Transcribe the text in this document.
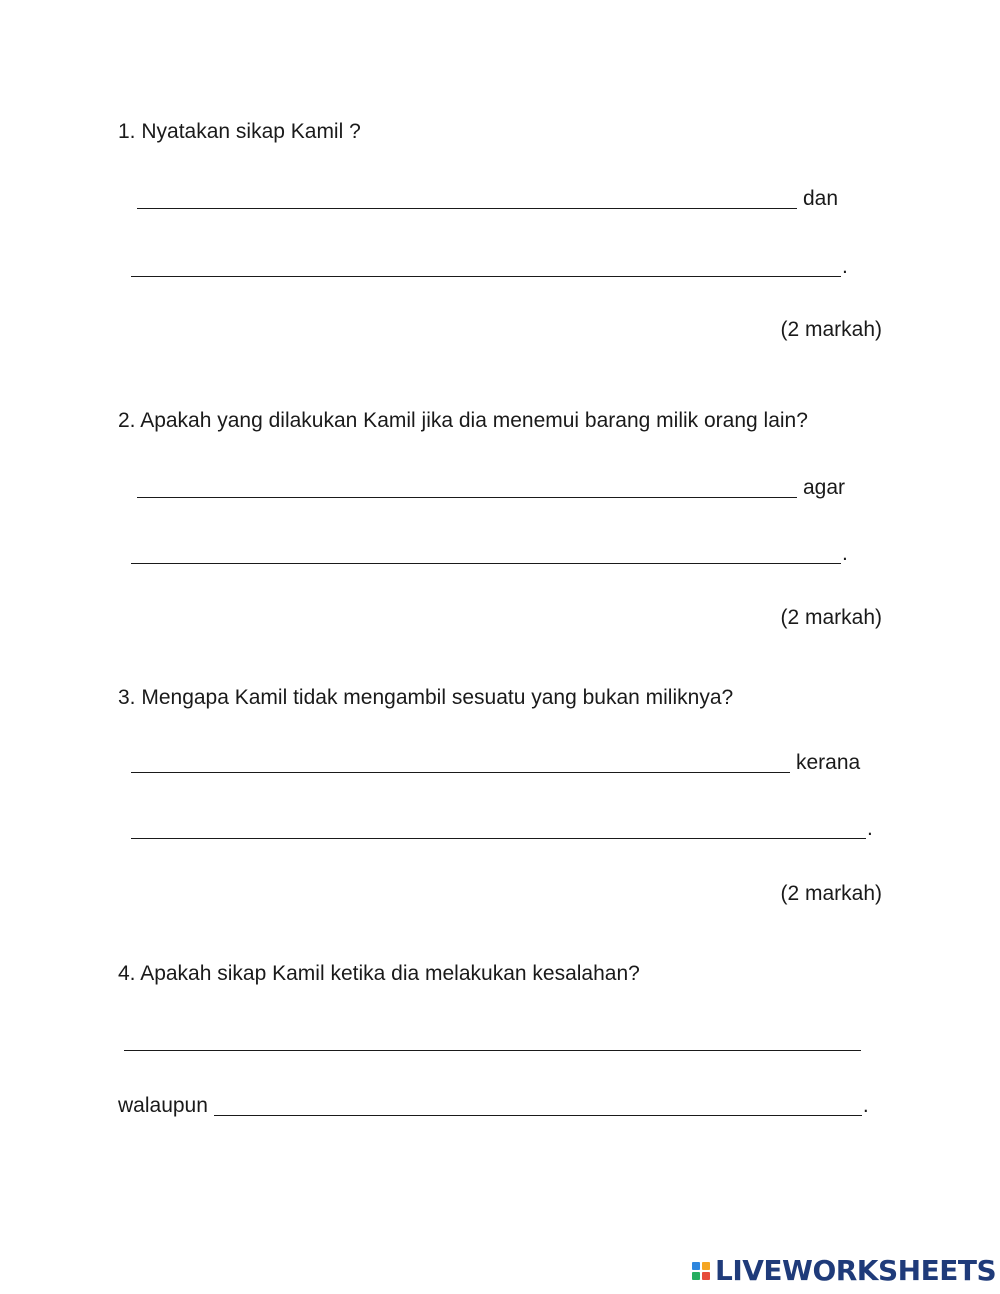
1. Nyatakan sikap Kamil ?
dan
.
(2 markah)
2. Apakah yang dilakukan Kamil jika dia menemui barang milik orang lain?
agar
.
(2 markah)
3. Mengapa Kamil tidak mengambil sesuatu yang bukan miliknya?
kerana
.
(2 markah)
4. Apakah sikap Kamil ketika dia melakukan kesalahan?
walaupun	.
LIVEWORKSHEETS
